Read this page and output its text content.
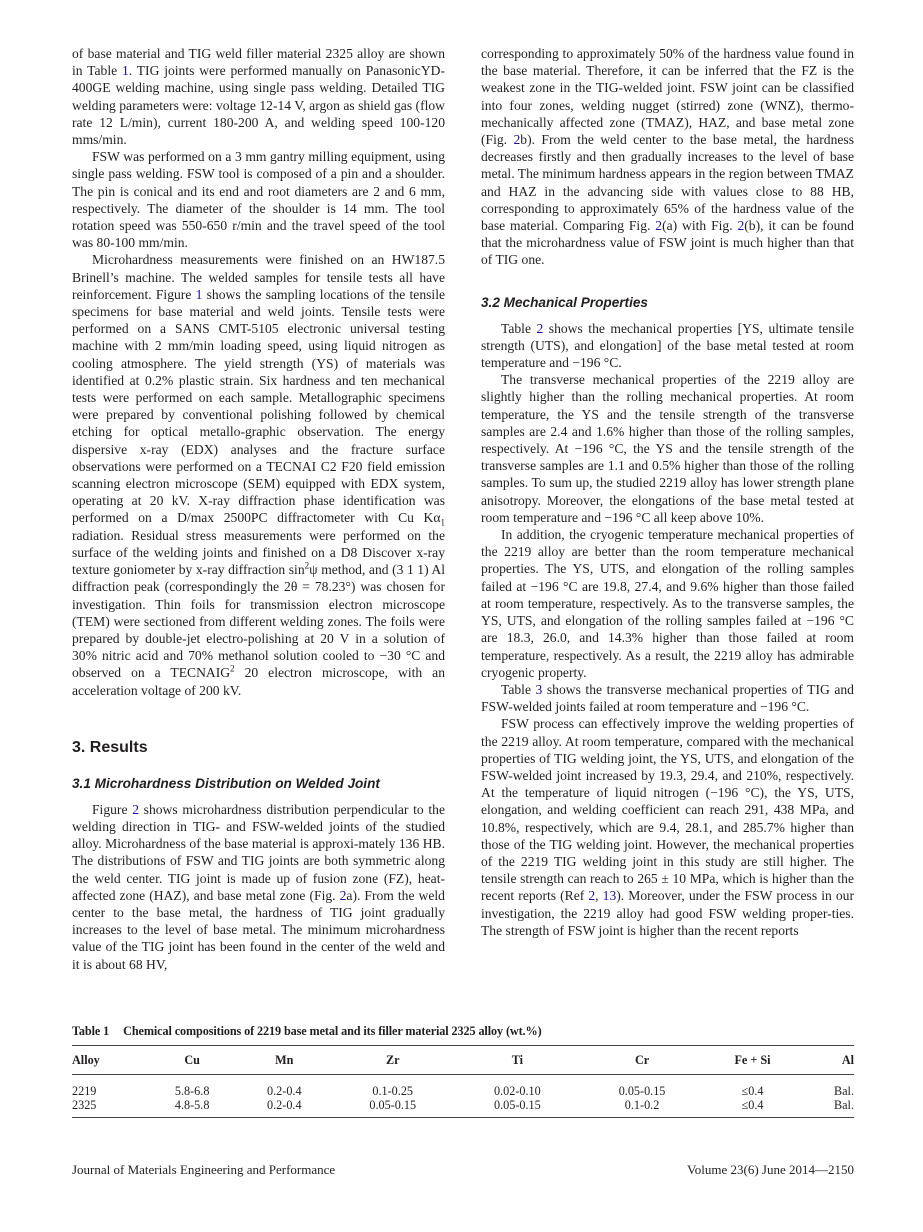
of base material and TIG weld filler material 2325 alloy are shown in Table 1. TIG joints were performed manually on PanasonicYD-400GE welding machine, using single pass welding. Detailed TIG welding parameters were: voltage 12-14 V, argon as shield gas (flow rate 12 L/min), current 180-200 A, and welding speed 100-120 mms/min.

FSW was performed on a 3 mm gantry milling equipment, using single pass welding. FSW tool is composed of a pin and a shoulder. The pin is conical and its end and root diameters are 2 and 6 mm, respectively. The diameter of the shoulder is 14 mm. The tool rotation speed was 550-650 r/min and the travel speed of the tool was 80-100 mm/min.

Microhardness measurements were finished on an HW187.5 Brinell’s machine. The welded samples for tensile tests all have reinforcement. Figure 1 shows the sampling locations of the tensile specimens for base material and weld joints. Tensile tests were performed on a SANS CMT-5105 electronic universal testing machine with 2 mm/min loading speed, using liquid nitrogen as cooling atmosphere. The yield strength (YS) of materials was identified at 0.2% plastic strain. Six hardness and ten mechanical tests were performed on each sample. Metallographic specimens were prepared by conventional polishing followed by chemical etching for optical metallo-graphic observation. The energy dispersive x-ray (EDX) analyses and the fracture surface observations were performed on a TECNAI C2 F20 field emission scanning electron microscope (SEM) equipped with EDX system, operating at 20 kV. X-ray diffraction phase identification was performed on a D/max 2500PC diffractometer with Cu $K\alpha_1$ radiation. Residual stress measurements were performed on the surface of the welding joints and finished on a D8 Discover x-ray texture goniometer by x-ray diffraction $\sin^2\psi$ method, and (3 1 1) Al diffraction peak (correspondingly the 2θ = 78.23°) was chosen for investigation. Thin foils for transmission electron microscope (TEM) were sectioned from different welding zones. The foils were prepared by double-jet electro-polishing at 20 V in a solution of 30% nitric acid and 70% methanol solution cooled to −30 °C and observed on a TECNAIG$^2$ 20 electron microscope, with an acceleration voltage of 200 kV.

3. Results
3.1 Microhardness Distribution on Welded Joint

Figure 2 shows microhardness distribution perpendicular to the welding direction in TIG- and FSW-welded joints of the studied alloy. Microhardness of the base material is approxi-mately 136 HB. The distributions of FSW and TIG joints are both symmetric along the weld center. TIG joint is made up of fusion zone (FZ), heat-affected zone (HAZ), and base metal zone (Fig. 2a). From the weld center to the base metal, the hardness of TIG joint gradually increases to the level of base metal. The minimum microhardness value of the TIG joint has been found in the center of the weld and it is about 68 HV,

corresponding to approximately 50% of the hardness value found in the base material. Therefore, it can be inferred that the FZ is the weakest zone in the TIG-welded joint. FSW joint can be classified into four zones, welding nugget (stirred) zone (WNZ), thermo-mechanically affected zone (TMAZ), HAZ, and base metal zone (Fig. 2b). From the weld center to the base metal, the hardness decreases firstly and then gradually increases to the level of base metal. The minimum hardness appears in the region between TMAZ and HAZ in the advancing side with values close to 88 HB, corresponding to approximately 65% of the hardness value of the base material. Comparing Fig. 2(a) with Fig. 2(b), it can be found that the microhardness value of FSW joint is much higher than that of TIG one.

3.2 Mechanical Properties

Table 2 shows the mechanical properties [YS, ultimate tensile strength (UTS), and elongation] of the base metal tested at room temperature and −196 °C.

The transverse mechanical properties of the 2219 alloy are slightly higher than the rolling mechanical properties. At room temperature, the YS and the tensile strength of the transverse samples are 2.4 and 1.6% higher than those of the rolling samples, respectively. At −196 °C, the YS and the tensile strength of the transverse samples are 1.1 and 0.5% higher than those of the rolling samples. To sum up, the studied 2219 alloy has lower strength plane anisotropy. Moreover, the elongations of the base metal tested at room temperature and −196 °C all keep above 10%.

In addition, the cryogenic temperature mechanical properties of the 2219 alloy are better than the room temperature mechanical properties. The YS, UTS, and elongation of the rolling samples failed at −196 °C are 19.8, 27.4, and 9.6% higher than those failed at room temperature, respectively. As to the transverse samples, the YS, UTS, and elongation of the rolling samples failed at −196 °C are 18.3, 26.0, and 14.3% higher than those failed at room temperature, respectively. As a result, the 2219 alloy has admirable cryogenic property.

Table 3 shows the transverse mechanical properties of TIG and FSW-welded joints failed at room temperature and −196 °C.

FSW process can effectively improve the welding properties of the 2219 alloy. At room temperature, compared with the mechanical properties of TIG welding joint, the YS, UTS, and elongation of the FSW-welded joint increased by 19.3, 29.4, and 210%, respectively. At the temperature of liquid nitrogen (−196 °C), the YS, UTS, elongation, and welding coefficient can reach 291, 438 MPa, and 10.8%, respectively, which are 9.4, 28.1, and 285.7% higher than those of the TIG welding joint. However, the mechanical properties of the 2219 TIG welding joint in this study are still higher. The tensile strength can reach to 265 ± 10 MPa, which is higher than the recent reports (Ref 2, 13). Moreover, under the FSW process in our investigation, the 2219 alloy had good FSW welding proper-ties. The strength of FSW joint is higher than the recent reports

Table 1 Chemical compositions of 2219 base metal and its filler material 2325 alloy (wt.%)
Alloy	Cu	Mn	Zr	Ti	Cr	Fe + Si	Al
2219	5.8-6.8	0.2-0.4	0.1-0.25	0.02-0.10	0.05-0.15	≤0.4	Bal.
2325	4.8-5.8	0.2-0.4	0.05-0.15	0.05-0.15	0.1-0.2	≤0.4	Bal.
Journal of Materials Engineering and Performance	Volume 23(6) June 2014—2150
